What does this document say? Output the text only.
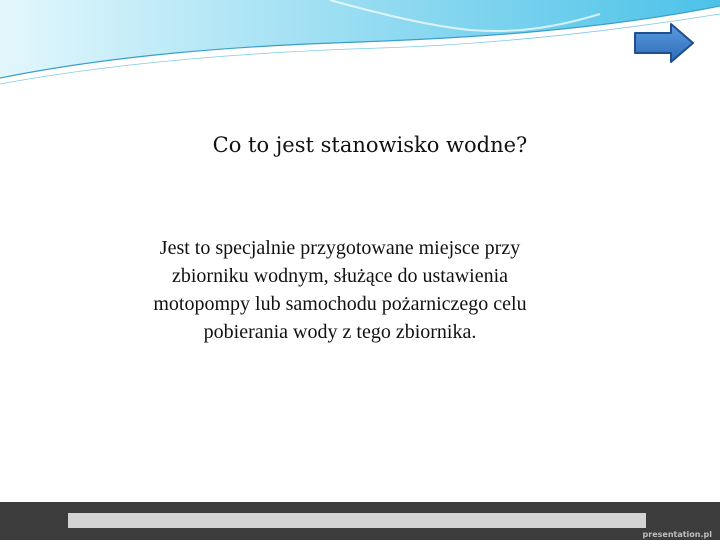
Co to jest stanowisko wodne?
Jest to specjalnie przygotowane miejsce przy
zbiorniku wodnym, służące do ustawienia
motopompy lub samochodu pożarniczego celu
pobierania wody z tego zbiornika.
presentation.pl
